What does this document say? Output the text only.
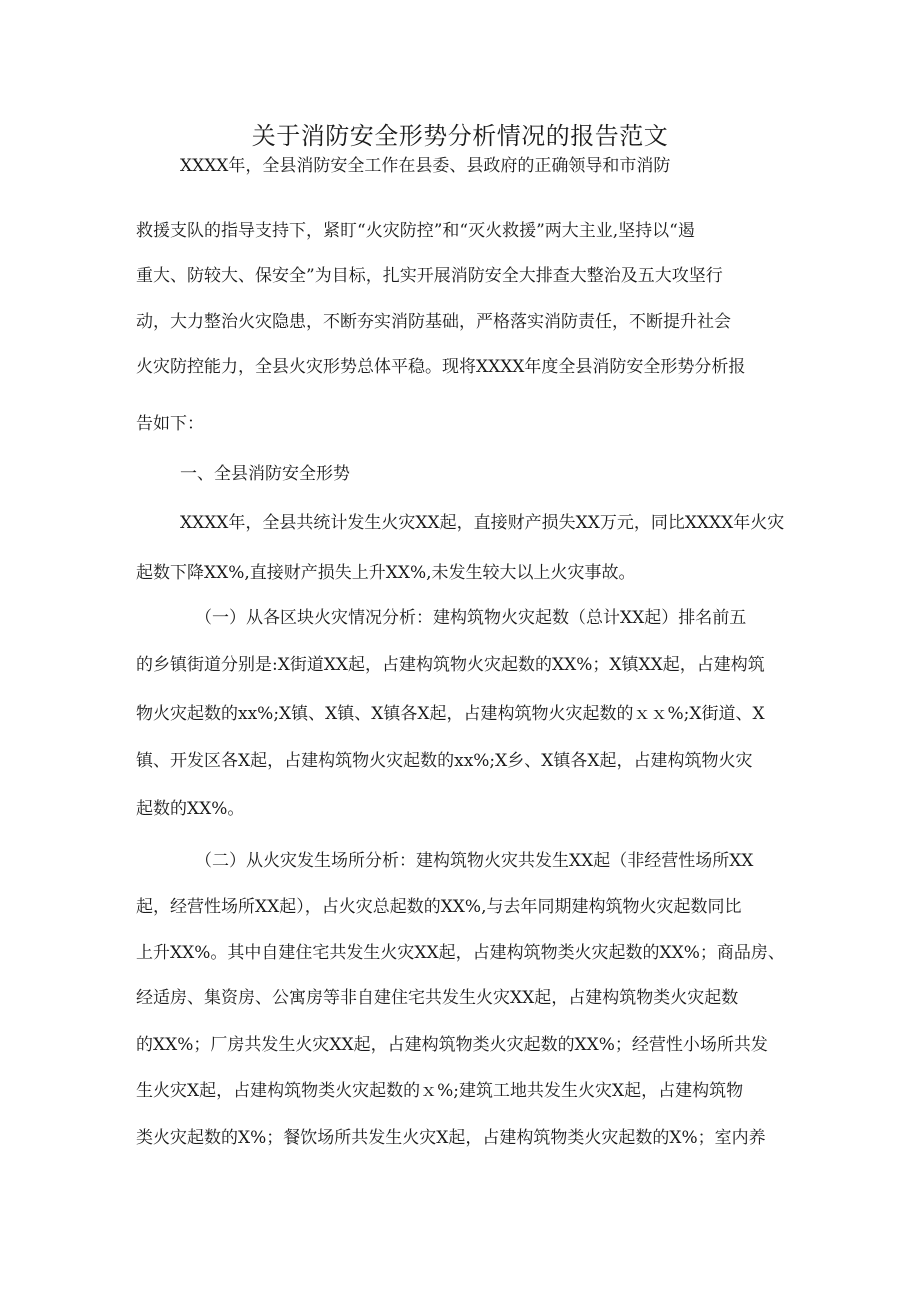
关于消防安全形势分析情况的报告范文
XXXX年，全县消防安全工作在县委、县政府的正确领导和市消防
救援支队的指导支持下，紧盯“火灾防控”和“灭火救援”两大主业,坚持以“遏
重大、防较大、保安全”为目标，扎实开展消防安全大排查大整治及五大攻坚行
动，大力整治火灾隐患，不断夯实消防基础，严格落实消防责任，不断提升社会
火灾防控能力，全县火灾形势总体平稳。现将XXXX年度全县消防安全形势分析报
告如下：
一、全县消防安全形势
XXXX年，全县共统计发生火灾XX起，直接财产损失XX万元，同比XXXX年火灾
起数下降XX%,直接财产损失上升XX%,未发生较大以上火灾事故。
（一）从各区块火灾情况分析：建构筑物火灾起数（总计XX起）排名前五
的乡镇街道分别是:X街道XX起，占建构筑物火灾起数的XX%；X镇XX起，占建构筑
物火灾起数的xx%;X镇、X镇、X镇各X起，占建构筑物火灾起数的ｘｘ%;X街道、X
镇、开发区各X起，占建构筑物火灾起数的xx%;X乡、X镇各X起，占建构筑物火灾
起数的XX%。
（二）从火灾发生场所分析：建构筑物火灾共发生XX起（非经营性场所XX
起，经营性场所XX起），占火灾总起数的XX%,与去年同期建构筑物火灾起数同比
上升XX%。其中自建住宅共发生火灾XX起，占建构筑物类火灾起数的XX%；商品房、
经适房、集资房、公寓房等非自建住宅共发生火灾XX起，占建构筑物类火灾起数
的XX%；厂房共发生火灾XX起，占建构筑物类火灾起数的XX%；经营性小场所共发
生火灾X起，占建构筑物类火灾起数的ｘ%;建筑工地共发生火灾X起，占建构筑物
类火灾起数的X%；餐饮场所共发生火灾X起，占建构筑物类火灾起数的X%；室内养
